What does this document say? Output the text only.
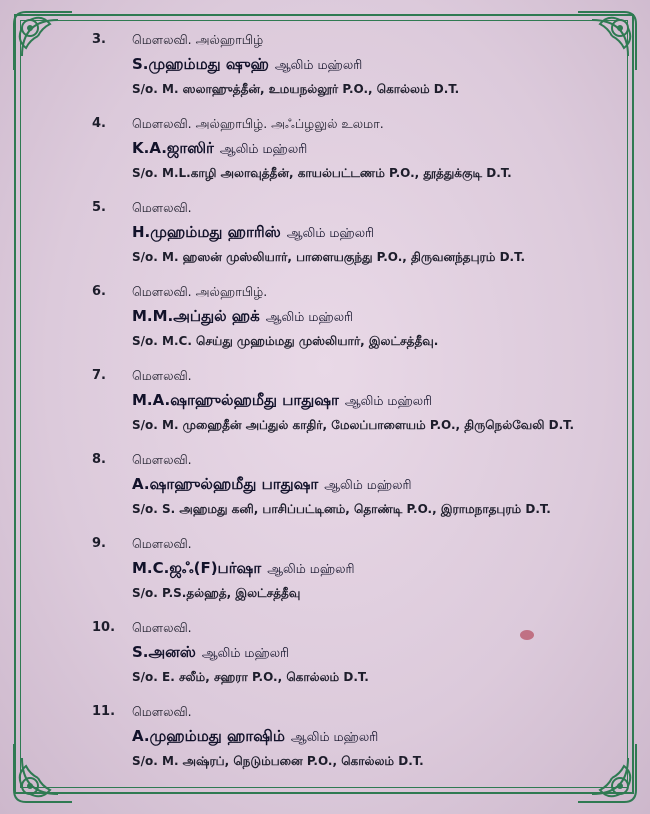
3. மௌலவி. அல்ஹாபிழ்
S.முஹம்மது ஷுஹ் ஆலிம் மஹ்லரி
S/o. M. ஸலாஹுத்தீன், உமயநல்லூர் P.O., கொல்லம் D.T.
4. மௌலவி. அல்ஹாபிழ். அஃப்ழலுல் உலமா.
K.A.ஜாஸிர் ஆலிம் மஹ்லரி
S/o. M.L.காழி அலாவுத்தீன், காயல்பட்டணம் P.O., தூத்துக்குடி D.T.
5. மௌலவி.
H.முஹம்மது ஹாரிஸ் ஆலிம் மஹ்லரி
S/o. M. ஹஸன் முஸ்லியார், பாளையகுந்து P.O., திருவனந்தபுரம் D.T.
6. மௌலவி. அல்ஹாபிழ்.
M.M.அப்துல் ஹக் ஆலிம் மஹ்லரி
S/o. M.C. செய்து முஹம்மது முஸ்லியார், இலட்சத்தீவு.
7. மௌலவி.
M.A.ஷாஹுல்ஹமீது பாதுஷா ஆலிம் மஹ்லரி
S/o. M. முஹைதீன் அப்துல் காதிர், மேலப்பாளையம் P.O., திருநெல்வேலி D.T.
8. மௌலவி.
A.ஷாஹுல்ஹமீது பாதுஷா ஆலிம் மஹ்லரி
S/o. S. அஹமது கனி, பாசிப்பட்டினம், தொண்டி P.O., இராமநாதபுரம் D.T.
9. மௌலவி.
M.C.ஜஃ(F)பர்ஷா ஆலிம் மஹ்லரி
S/o. P.S.தல்ஹத், இலட்சத்தீவு
10. மௌலவி.
S.அனஸ் ஆலிம் மஹ்லரி
S/o. E. சலீம், சஹரா P.O., கொல்லம் D.T.
11. மௌலவி.
A.முஹம்மது ஹாஷிம் ஆலிம் மஹ்லரி
S/o. M. அஷ்ரப், நெடும்பனை P.O., கொல்லம் D.T.
